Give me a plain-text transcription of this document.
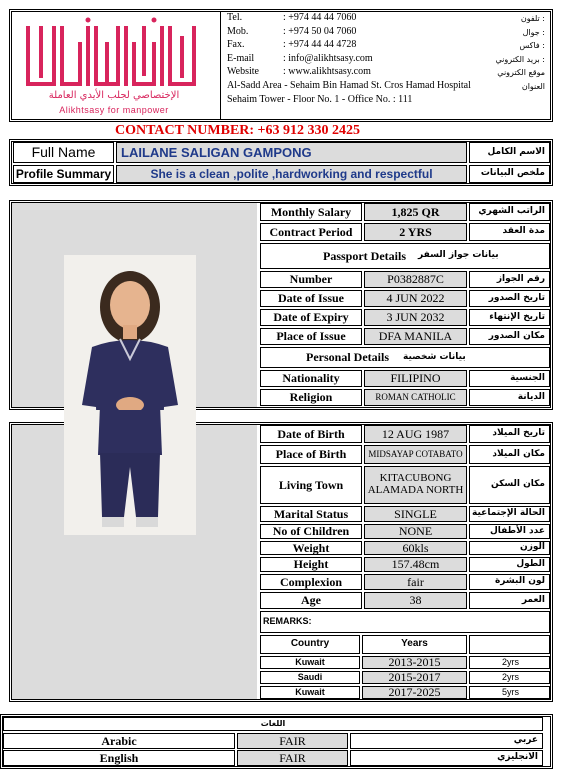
الإختصاصي لجلب الأيدي العاملة
Alikhtsasy for manpower
Tel.	: +974 44 44 7060	تلفون :
Mob.	: +974 50 04 7060	جوال :
Fax.	: +974 44 44 4728	فاكس :
E-mail	: info@alikhtsasy.com	بريد الكتروني :
Website : www.alikhtsasy.com	موقع الكتروني
Al-Sadd Area - Sehaim Bin Hamad St. Cros Hamad Hospital
Sehaim Tower - Floor No. 1 - Office No. : 111
العنوان
CONTACT NUMBER: +63 912 330 2425
Full Name	LAILANE SALIGAN GAMPONG	الاسم الكامل
Profile Summary	She is a clean ,polite ,hardworking and respectful	ملخص البيانات
Monthly Salary	1,825 QR	الراتب الشهري
Contract Period	2 YRS	مدة العقد
Passport Details بيانات جواز السفر
Number	P0382887C	رقم الجواز
Date of Issue	4 JUN 2022	تاريخ الصدور
Date of Expiry	3 JUN 2032	تاريخ الإنتهاء
Place of Issue	DFA MANILA	مكان الصدور
Personal Details بيانات شخصية
Nationality	FILIPINO	الجنسية
Religion	ROMAN CATHOLIC	الديانة
Date of Birth	12 AUG 1987	تاريخ الميلاد
Place of Birth	MIDSAYAP COTABATO	مكان الميلاد
Living Town	KITACUBONG ALAMADA NORTH	مكان السكن
Marital Status	SINGLE	الحالة الإجتماعية
No of Children	NONE	عدد الأطفال
Weight	60kls	الوزن
Height	157.48cm	الطول
Complexion	fair	لون البشرة
Age	38	العمر
REMARKS:
Country	Years
Kuwait	2013-2015	2yrs
Saudi	2015-2017	2yrs
Kuwait	2017-2025	5yrs
اللغات
Arabic	FAIR	عربي
English	FAIR	الانجليزي
